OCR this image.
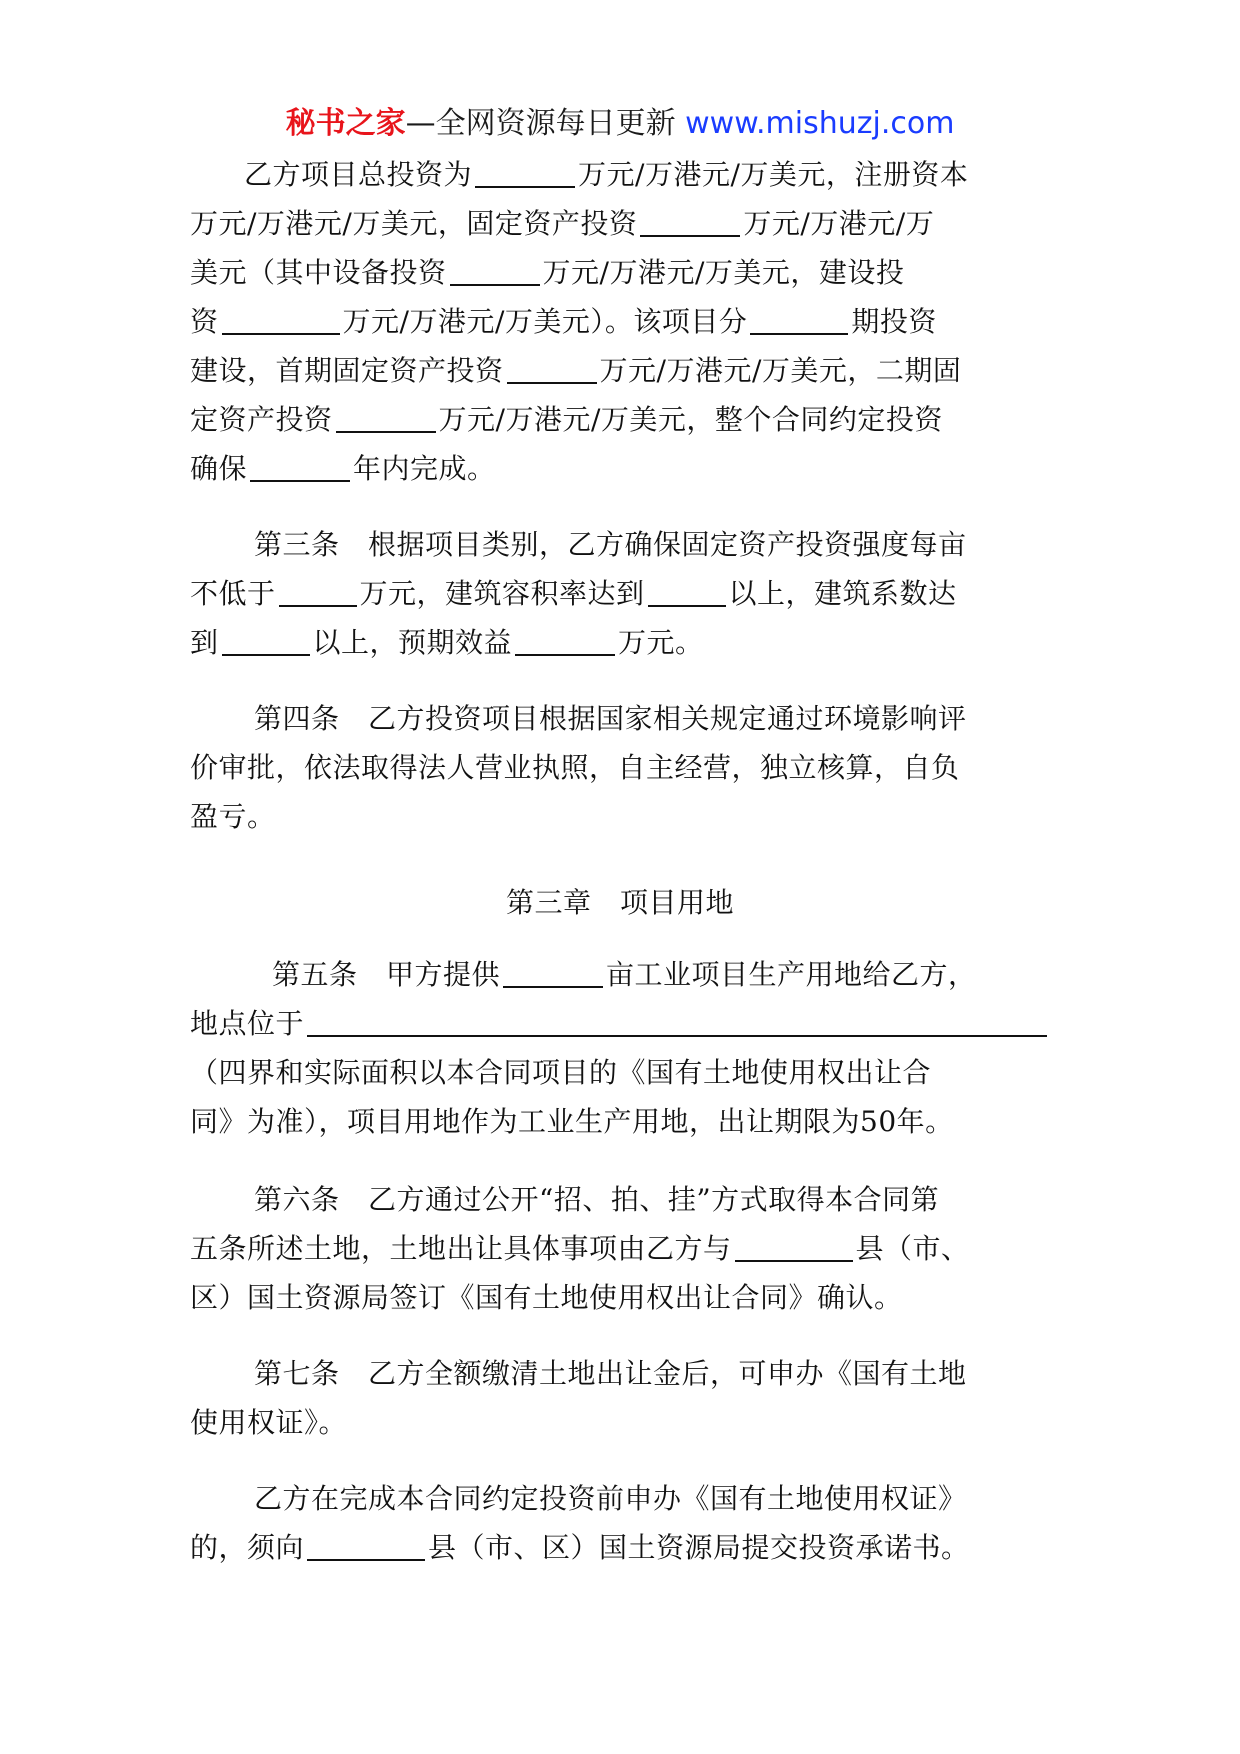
秘书之家—全网资源每日更新 www.mishuzj.com
乙方项目总投资为	万元/万港元/万美元，注册资本
万元/万港元/万美元，固定资产投资	万元/万港元/万
美元（其中设备投资	万元/万港元/万美元，建设投
资	万元/万港元/万美元）。该项目分	期投资
建设，首期固定资产投资	万元/万港元/万美元，二期固
定资产投资	万元/万港元/万美元，整个合同约定投资
确保	年内完成。
第三条　根据项目类别，乙方确保固定资产投资强度每亩
不低于	万元，建筑容积率达到	以上，建筑系数达
到	以上，预期效益	万元。
第四条　乙方投资项目根据国家相关规定通过环境影响评
价审批，依法取得法人营业执照，自主经营，独立核算，自负
盈亏。
第三章　项目用地
第五条　甲方提供	亩工业项目生产用地给乙方，
地点位于
（四界和实际面积以本合同项目的《国有土地使用权出让合
同》为准），项目用地作为工业生产用地，出让期限为50年。
第六条　乙方通过公开“招、拍、挂”方式取得本合同第
五条所述土地，土地出让具体事项由乙方与	县（市、
区）国土资源局签订《国有土地使用权出让合同》确认。
第七条　乙方全额缴清土地出让金后，可申办《国有土地
使用权证》。
乙方在完成本合同约定投资前申办《国有土地使用权证》
的，须向	县（市、区）国土资源局提交投资承诺书。
